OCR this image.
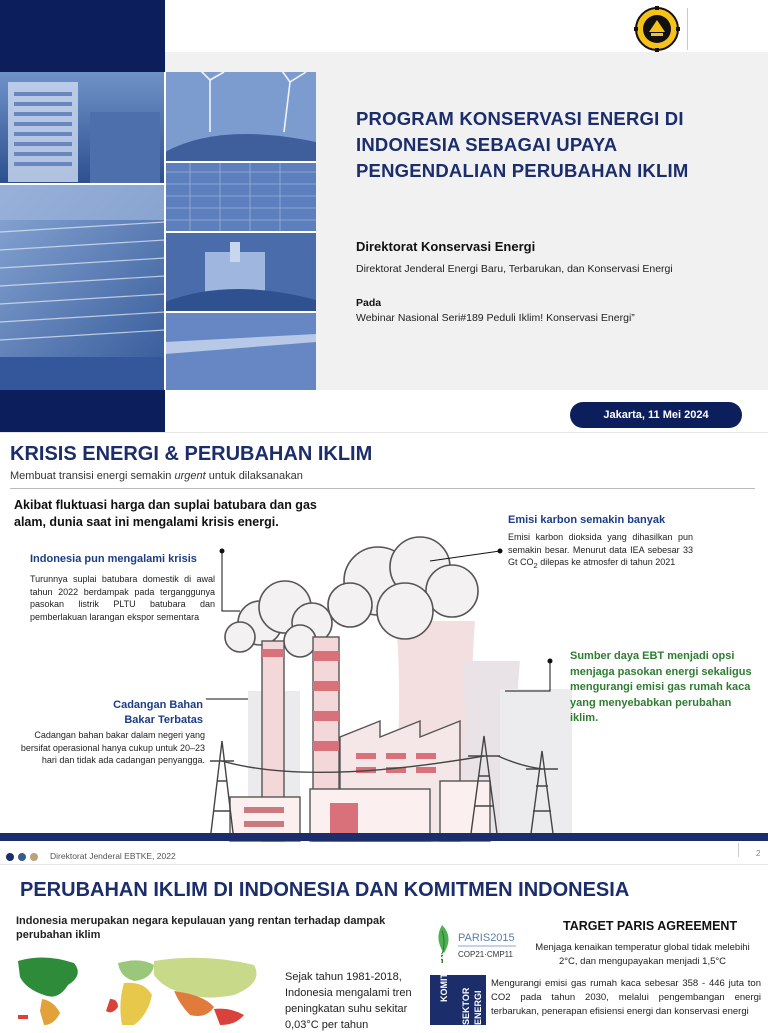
PROGRAM KONSERVASI ENERGI DI
INDONESIA SEBAGAI UPAYA
PENGENDALIAN PERUBAHAN IKLIM
Direktorat Konservasi Energi
Direktorat Jenderal Energi Baru, Terbarukan, dan Konservasi Energi
Pada
Webinar Nasional Seri#189 Peduli Iklim! Konservasi Energi”
Jakarta, 11 Mei 2024
KRISIS ENERGI & PERUBAHAN IKLIM
Membuat transisi energi semakin urgent untuk dilaksanakan
Akibat fluktuasi harga dan suplai batubara dan gas alam, dunia saat ini mengalami krisis energi.
Indonesia pun mengalami krisis
Turunnya suplai batubara domestik di awal tahun 2022 berdampak pada terganggunya pasokan listrik PLTU batubara dan pemberlakuan larangan ekspor sementara
Emisi karbon semakin banyak
Emisi karbon dioksida yang dihasilkan pun semakin besar. Menurut data IEA sebesar 33 Gt $CO_2$ dilepas ke atmosfer di tahun 2021
Cadangan Bahan
Bakar Terbatas
Cadangan bahan bakar dalam negeri yang bersifat operasional hanya cukup untuk 20–23 hari dan tidak ada cadangan penyangga.
Sumber daya EBT menjadi opsi menjaga pasokan energi sekaligus mengurangi emisi gas rumah kaca yang menyebabkan perubahan iklim.
Direktorat Jenderal EBTKE, 2022	2
PERUBAHAN IKLIM DI INDONESIA DAN KOMITMEN INDONESIA
Indonesia merupakan negara kepulauan yang rentan terhadap dampak perubahan iklim
Sejak tahun 1981-2018, Indonesia mengalami tren peningkatan suhu sekitar 0,03°C per tahun
PARIS2015
COP21·CMP11
TARGET PARIS AGREEMENT
Menjaga kenaikan temperatur global tidak melebihi 2°C, dan mengupayakan menjadi 1,5°C
KOMITMEN
SEKTOR ENERGI
Mengurangi emisi gas rumah kaca sebesar 358 - 446 juta ton CO2 pada tahun 2030, melalui pengembangan energi terbarukan, penerapan efisiensi energi dan konservasi energi
